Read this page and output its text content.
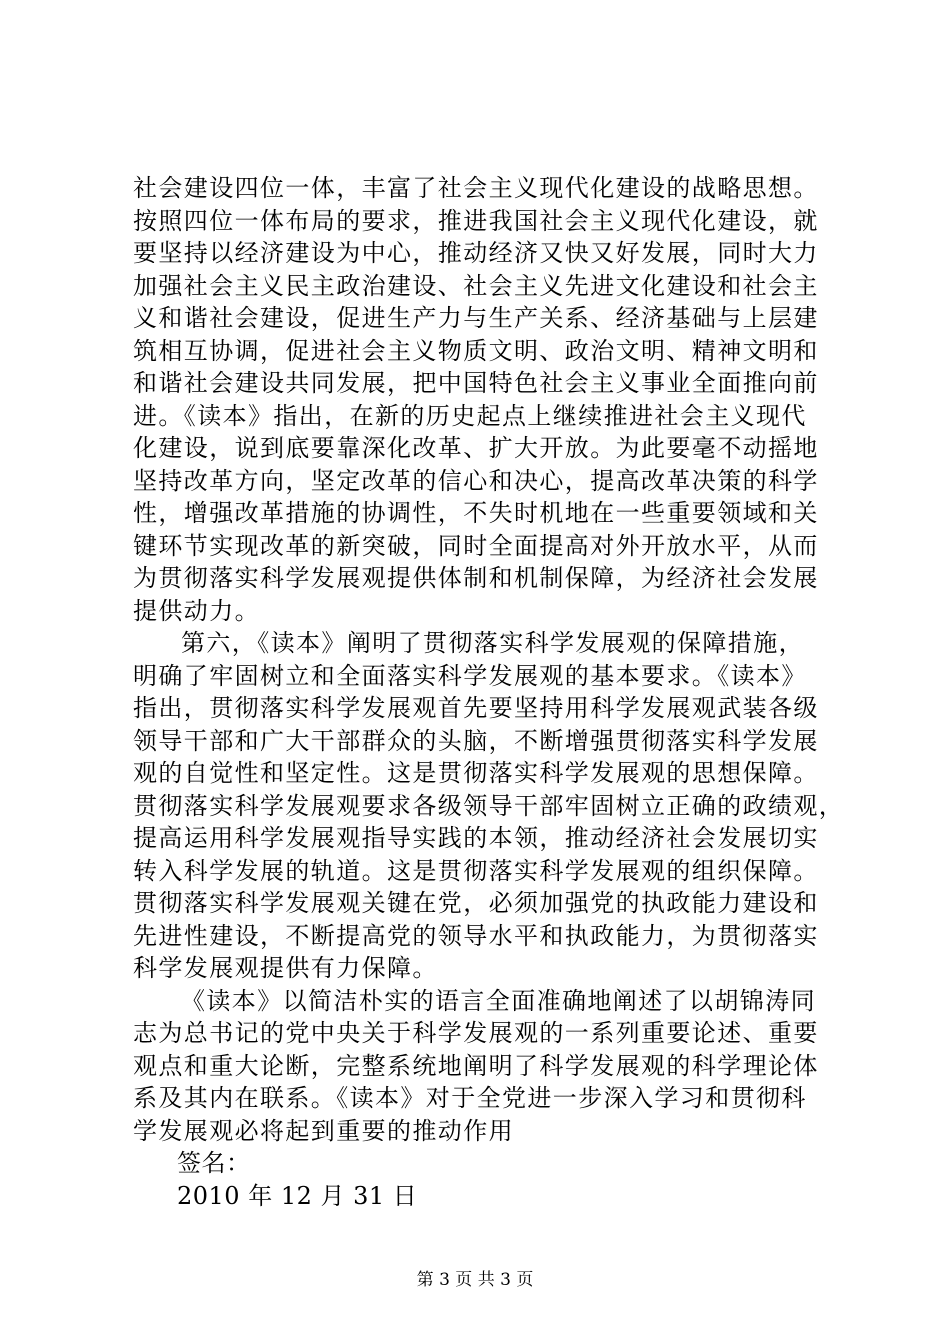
社会建设四位一体，丰富了社会主义现代化建设的战略思想。
按照四位一体布局的要求，推进我国社会主义现代化建设，就
要坚持以经济建设为中心，推动经济又快又好发展，同时大力
加强社会主义民主政治建设、社会主义先进文化建设和社会主
义和谐社会建设，促进生产力与生产关系、经济基础与上层建
筑相互协调，促进社会主义物质文明、政治文明、精神文明和
和谐社会建设共同发展，把中国特色社会主义事业全面推向前
进。《读本》指出，在新的历史起点上继续推进社会主义现代
化建设，说到底要靠深化改革、扩大开放。为此要毫不动摇地
坚持改革方向，坚定改革的信心和决心，提高改革决策的科学
性，增强改革措施的协调性，不失时机地在一些重要领域和关
键环节实现改革的新突破，同时全面提高对外开放水平，从而
为贯彻落实科学发展观提供体制和机制保障，为经济社会发展
提供动力。
第六，《读本》阐明了贯彻落实科学发展观的保障措施，
明确了牢固树立和全面落实科学发展观的基本要求。《读本》
指出，贯彻落实科学发展观首先要坚持用科学发展观武装各级
领导干部和广大干部群众的头脑，不断增强贯彻落实科学发展
观的自觉性和坚定性。这是贯彻落实科学发展观的思想保障。
贯彻落实科学发展观要求各级领导干部牢固树立正确的政绩观，
提高运用科学发展观指导实践的本领，推动经济社会发展切实
转入科学发展的轨道。这是贯彻落实科学发展观的组织保障。
贯彻落实科学发展观关键在党，必须加强党的执政能力建设和
先进性建设，不断提高党的领导水平和执政能力，为贯彻落实
科学发展观提供有力保障。
《读本》以简洁朴实的语言全面准确地阐述了以胡锦涛同
志为总书记的党中央关于科学发展观的一系列重要论述、重要
观点和重大论断，完整系统地阐明了科学发展观的科学理论体
系及其内在联系。《读本》对于全党进一步深入学习和贯彻科
学发展观必将起到重要的推动作用
签名：
2010 年 12 月 31 日
第 3 页 共 3 页
